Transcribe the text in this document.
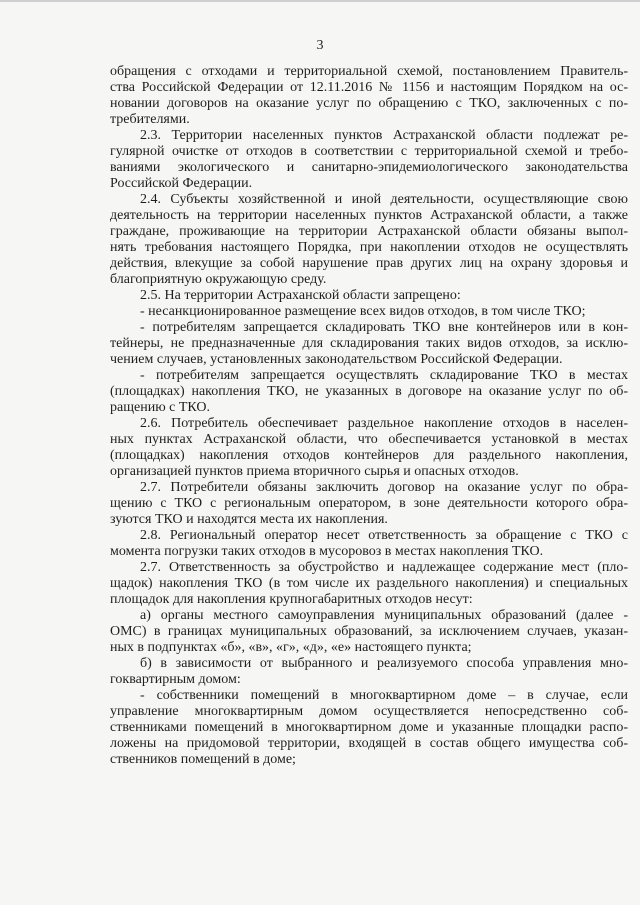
3
обращения с отходами и территориальной схемой, постановлением Правитель-
ства Российской Федерации от 12.11.2016 № 1156 и настоящим Порядком на ос-
новании договоров на оказание услуг по обращению с ТКО, заключенных с по-
требителями.
2.3. Территории населенных пунктов Астраханской области подлежат ре-
гулярной очистке от отходов в соответствии с территориальной схемой и требо-
ваниями экологического и санитарно-эпидемиологического законодательства
Российской Федерации.
2.4. Субъекты хозяйственной и иной деятельности, осуществляющие свою
деятельность на территории населенных пунктов Астраханской области, а также
граждане, проживающие на территории Астраханской области обязаны выпол-
нять требования настоящего Порядка, при накоплении отходов не осуществлять
действия, влекущие за собой нарушение прав других лиц на охрану здоровья и
благоприятную окружающую среду.
2.5. На территории Астраханской области запрещено:
- несанкционированное размещение всех видов отходов, в том числе ТКО;
- потребителям запрещается складировать ТКО вне контейнеров или в кон-
тейнеры, не предназначенные для складирования таких видов отходов, за исклю-
чением случаев, установленных законодательством Российской Федерации.
- потребителям запрещается осуществлять складирование ТКО в местах
(площадках) накопления ТКО, не указанных в договоре на оказание услуг по об-
ращению с ТКО.
2.6. Потребитель обеспечивает раздельное накопление отходов в населен-
ных пунктах Астраханской области, что обеспечивается установкой в местах
(площадках) накопления отходов контейнеров для раздельного накопления,
организацией пунктов приема вторичного сырья и опасных отходов.
2.7. Потребители обязаны заключить договор на оказание услуг по обра-
щению с ТКО с региональным оператором, в зоне деятельности которого обра-
зуются ТКО и находятся места их накопления.
2.8. Региональный оператор несет ответственность за обращение с ТКО с
момента погрузки таких отходов в мусоровоз в местах накопления ТКО.
2.7. Ответственность за обустройство и надлежащее содержание мест (пло-
щадок) накопления ТКО (в том числе их раздельного накопления) и специальных
площадок для накопления крупногабаритных отходов несут:
а) органы местного самоуправления муниципальных образований (далее -
ОМС) в границах муниципальных образований, за исключением случаев, указан-
ных в подпунктах «б», «в», «г», «д», «е» настоящего пункта;
б) в зависимости от выбранного и реализуемого способа управления мно-
гоквартирным домом:
- собственники помещений в многоквартирном доме – в случае, если
управление многоквартирным домом осуществляется непосредственно соб-
ственниками помещений в многоквартирном доме и указанные площадки распо-
ложены на придомовой территории, входящей в состав общего имущества соб-
ственников помещений в доме;
